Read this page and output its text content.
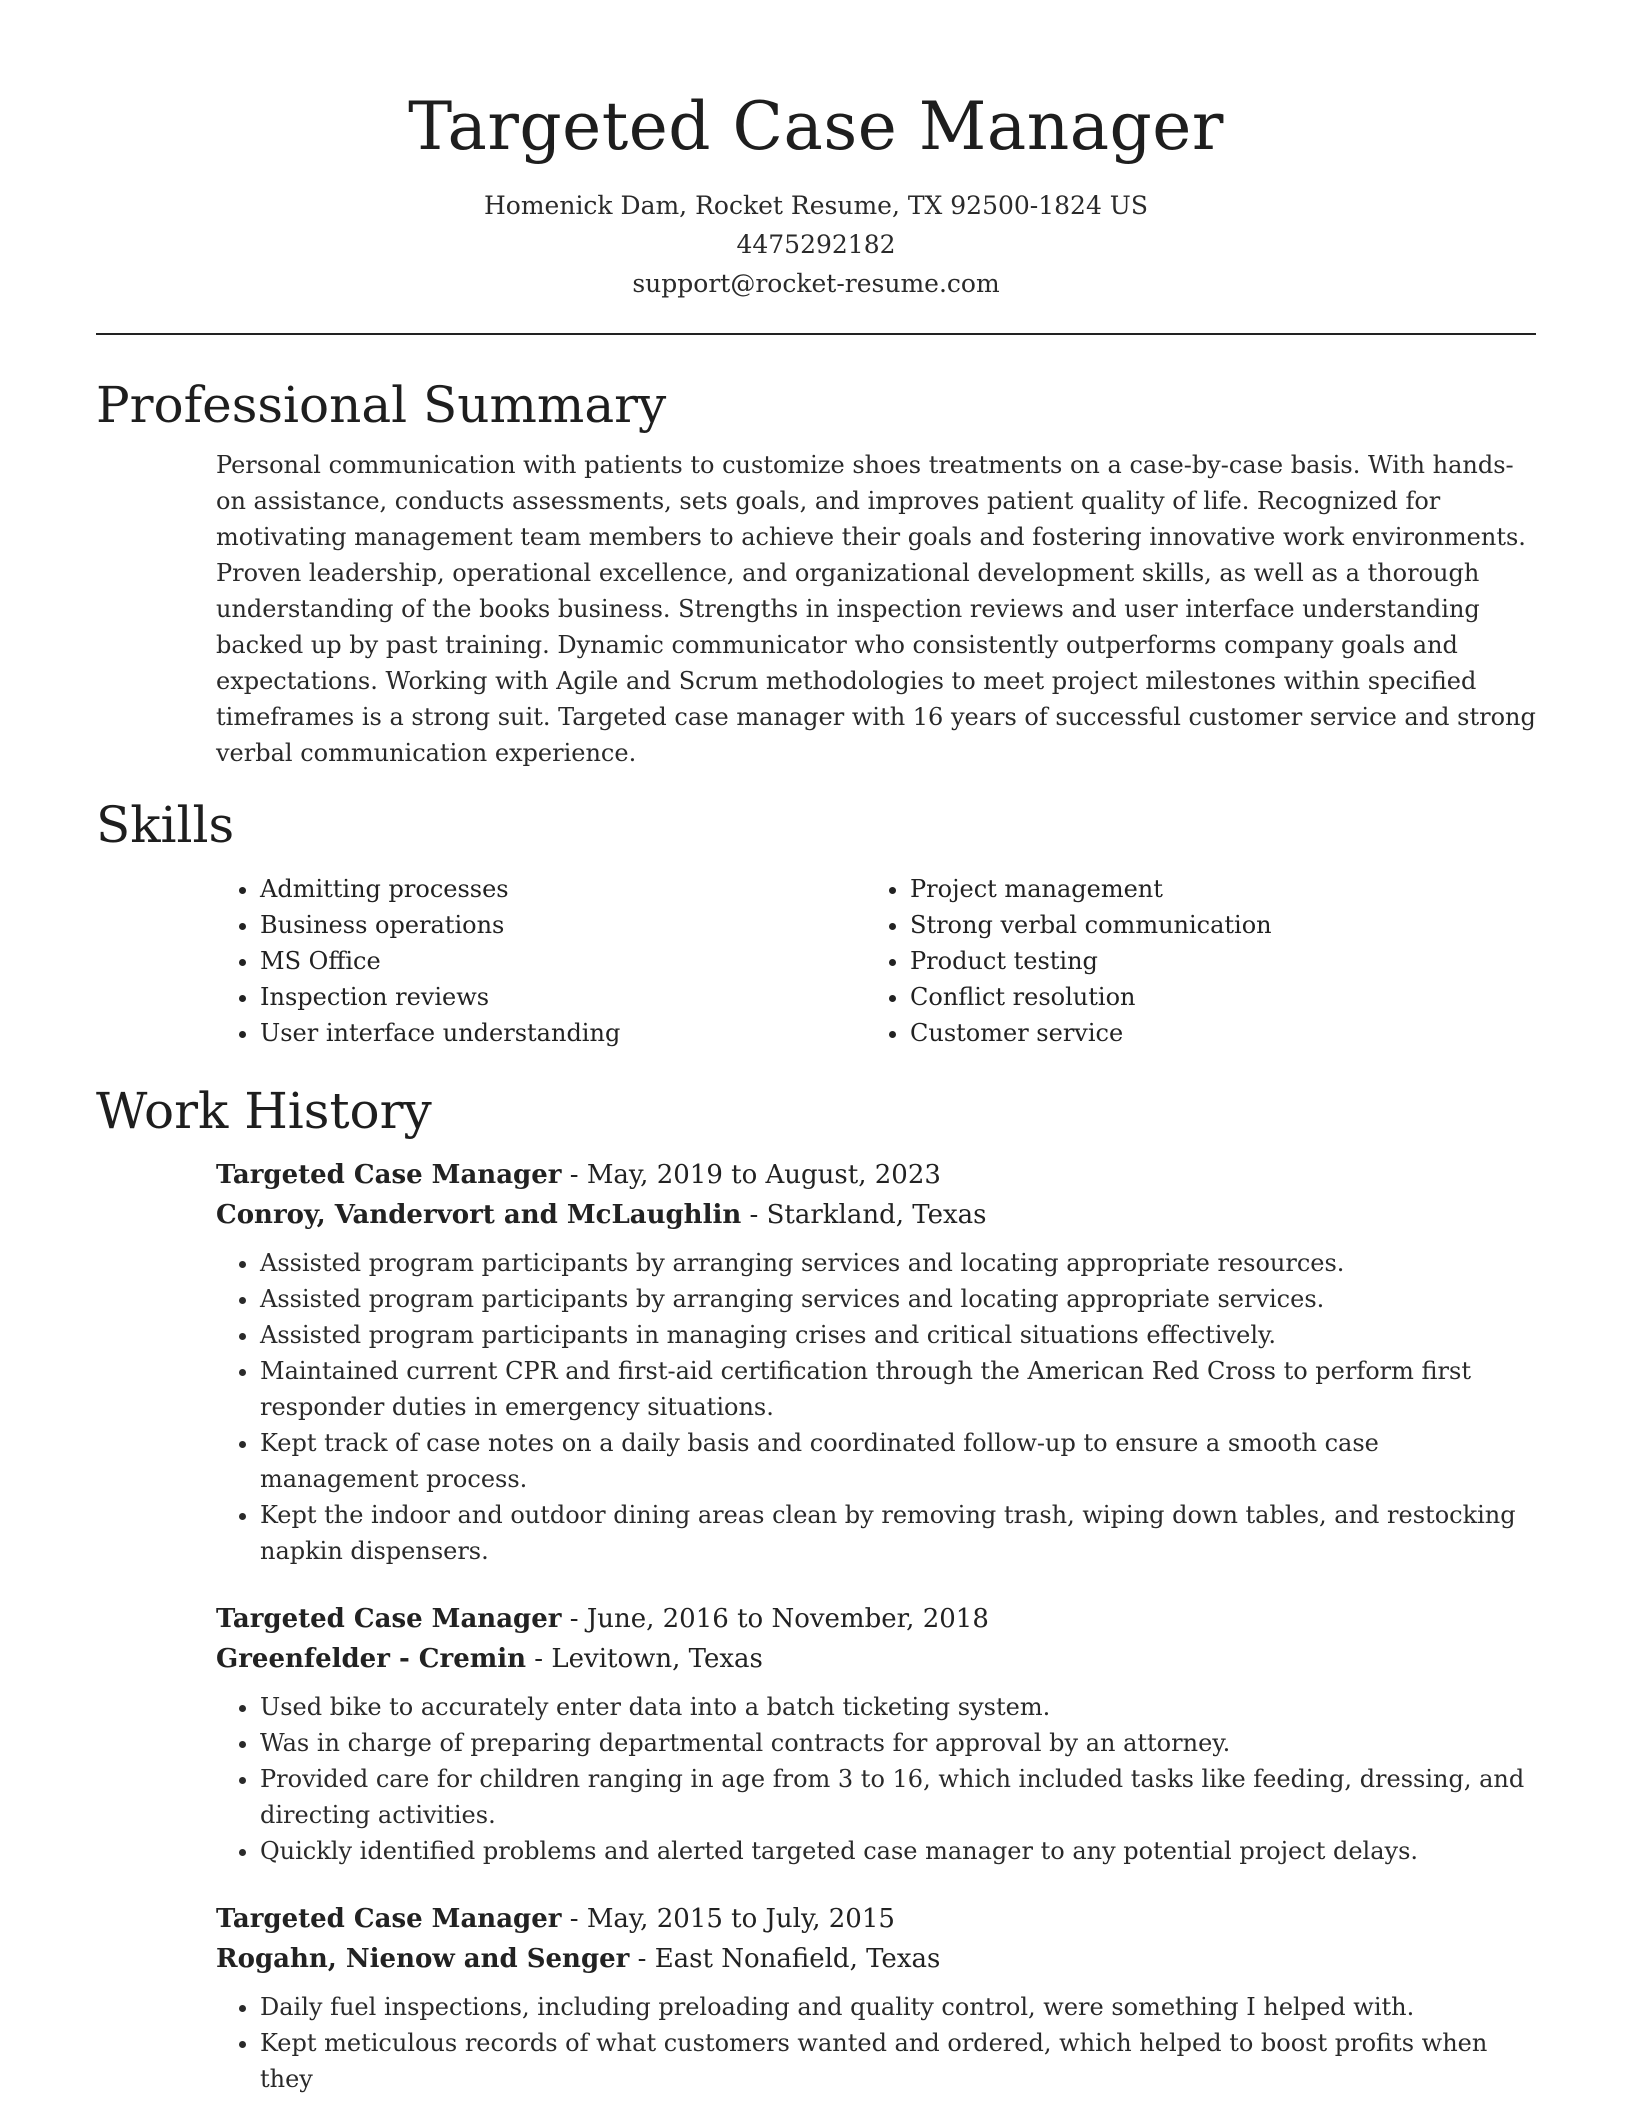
Targeted Case Manager
Homenick Dam, Rocket Resume, TX 92500-1824 US
4475292182
support@rocket-resume.com
Professional Summary
Personal communication with patients to customize shoes treatments on a case-by-case basis. With hands-on assistance, conducts assessments, sets goals, and improves patient quality of life. Recognized for motivating management team members to achieve their goals and fostering innovative work environments. Proven leadership, operational excellence, and organizational development skills, as well as a thorough understanding of the books business. Strengths in inspection reviews and user interface understanding backed up by past training. Dynamic communicator who consistently outperforms company goals and expectations. Working with Agile and Scrum methodologies to meet project milestones within specified timeframes is a strong suit. Targeted case manager with 16 years of successful customer service and strong verbal communication experience.
Skills
• Admitting processes
• Business operations
• MS Office
• Inspection reviews
• User interface understanding
• Project management
• Strong verbal communication
• Product testing
• Conflict resolution
• Customer service
Work History
Targeted Case Manager - May, 2019 to August, 2023
Conroy, Vandervort and McLaughlin - Starkland, Texas
• Assisted program participants by arranging services and locating appropriate resources.
• Assisted program participants by arranging services and locating appropriate services.
• Assisted program participants in managing crises and critical situations effectively.
• Maintained current CPR and first-aid certification through the American Red Cross to perform first responder duties in emergency situations.
• Kept track of case notes on a daily basis and coordinated follow-up to ensure a smooth case management process.
• Kept the indoor and outdoor dining areas clean by removing trash, wiping down tables, and restocking napkin dispensers.
Targeted Case Manager - June, 2016 to November, 2018
Greenfelder - Cremin - Levitown, Texas
• Used bike to accurately enter data into a batch ticketing system.
• Was in charge of preparing departmental contracts for approval by an attorney.
• Provided care for children ranging in age from 3 to 16, which included tasks like feeding, dressing, and directing activities.
• Quickly identified problems and alerted targeted case manager to any potential project delays.
Targeted Case Manager - May, 2015 to July, 2015
Rogahn, Nienow and Senger - East Nonafield, Texas
• Daily fuel inspections, including preloading and quality control, were something I helped with.
• Kept meticulous records of what customers wanted and ordered, which helped to boost profits when they
